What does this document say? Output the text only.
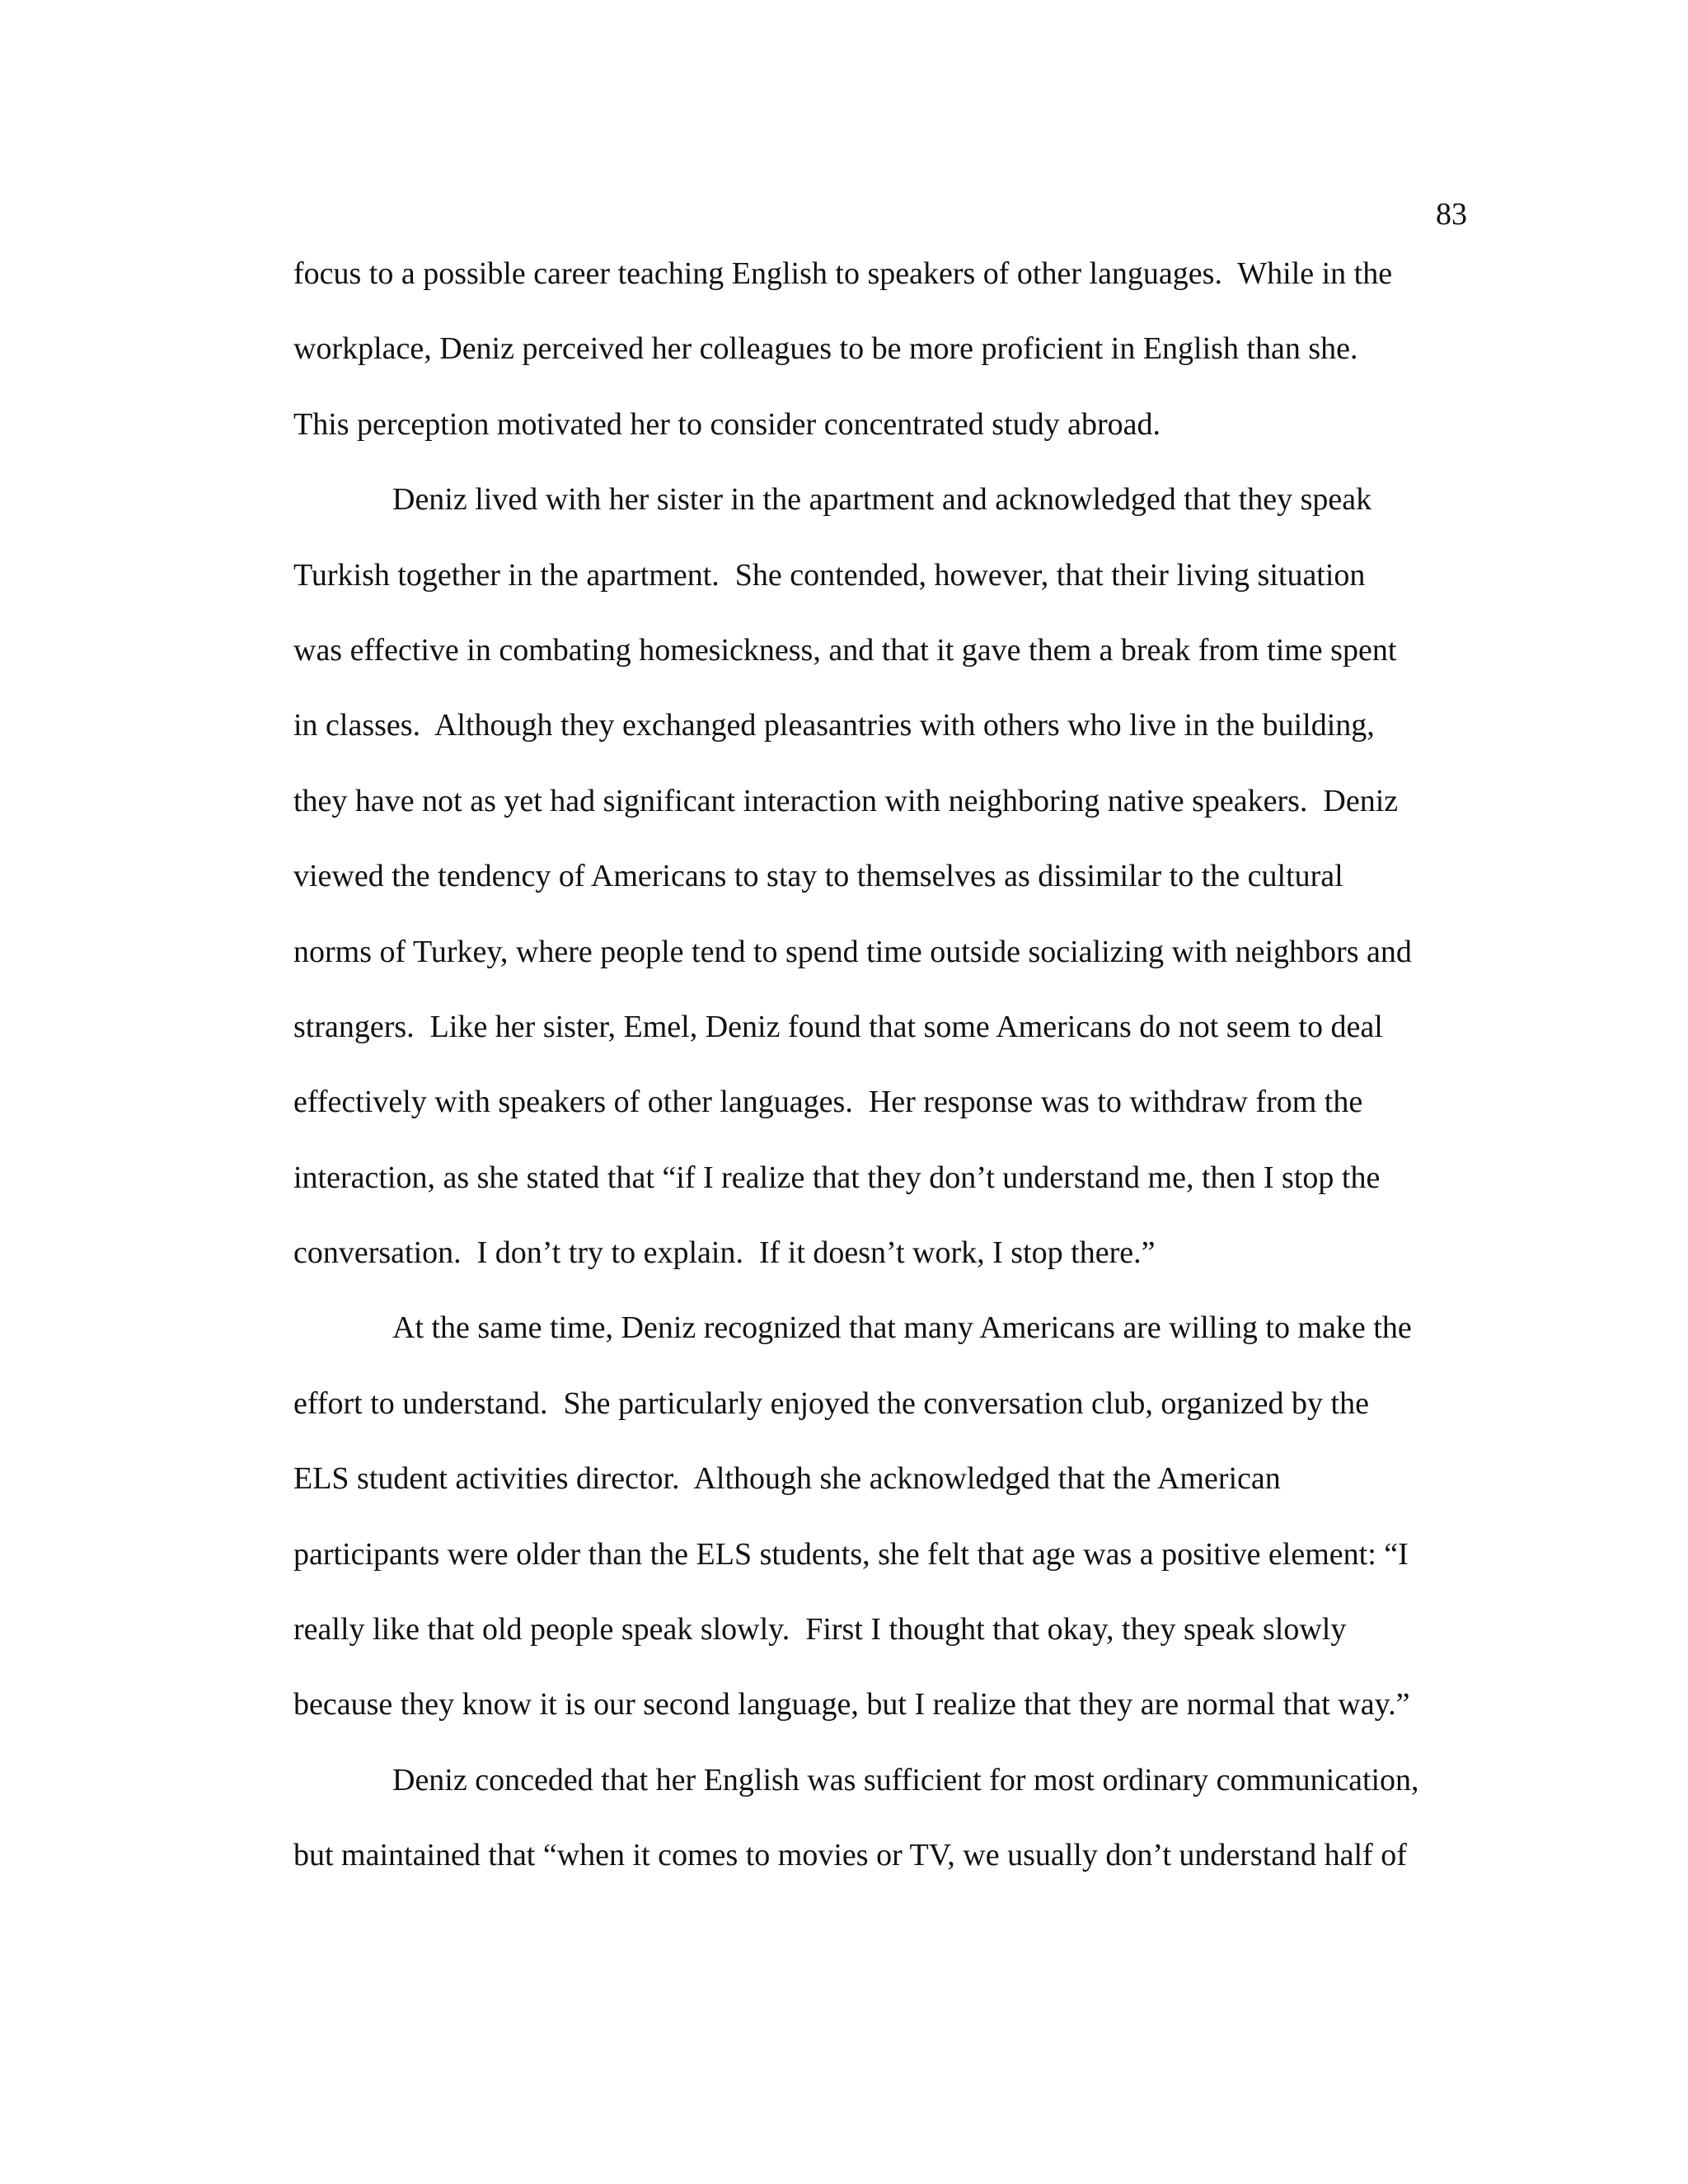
83
focus to a possible career teaching English to speakers of other languages.  While in the
workplace, Deniz perceived her colleagues to be more proficient in English than she.
This perception motivated her to consider concentrated study abroad.
Deniz lived with her sister in the apartment and acknowledged that they speak
Turkish together in the apartment.  She contended, however, that their living situation
was effective in combating homesickness, and that it gave them a break from time spent
in classes.  Although they exchanged pleasantries with others who live in the building,
they have not as yet had significant interaction with neighboring native speakers.  Deniz
viewed the tendency of Americans to stay to themselves as dissimilar to the cultural
norms of Turkey, where people tend to spend time outside socializing with neighbors and
strangers.  Like her sister, Emel, Deniz found that some Americans do not seem to deal
effectively with speakers of other languages.  Her response was to withdraw from the
interaction, as she stated that “if I realize that they don’t understand me, then I stop the
conversation.  I don’t try to explain.  If it doesn’t work, I stop there.”
At the same time, Deniz recognized that many Americans are willing to make the
effort to understand.  She particularly enjoyed the conversation club, organized by the
ELS student activities director.  Although she acknowledged that the American
participants were older than the ELS students, she felt that age was a positive element: “I
really like that old people speak slowly.  First I thought that okay, they speak slowly
because they know it is our second language, but I realize that they are normal that way.”
Deniz conceded that her English was sufficient for most ordinary communication,
but maintained that “when it comes to movies or TV, we usually don’t understand half of
